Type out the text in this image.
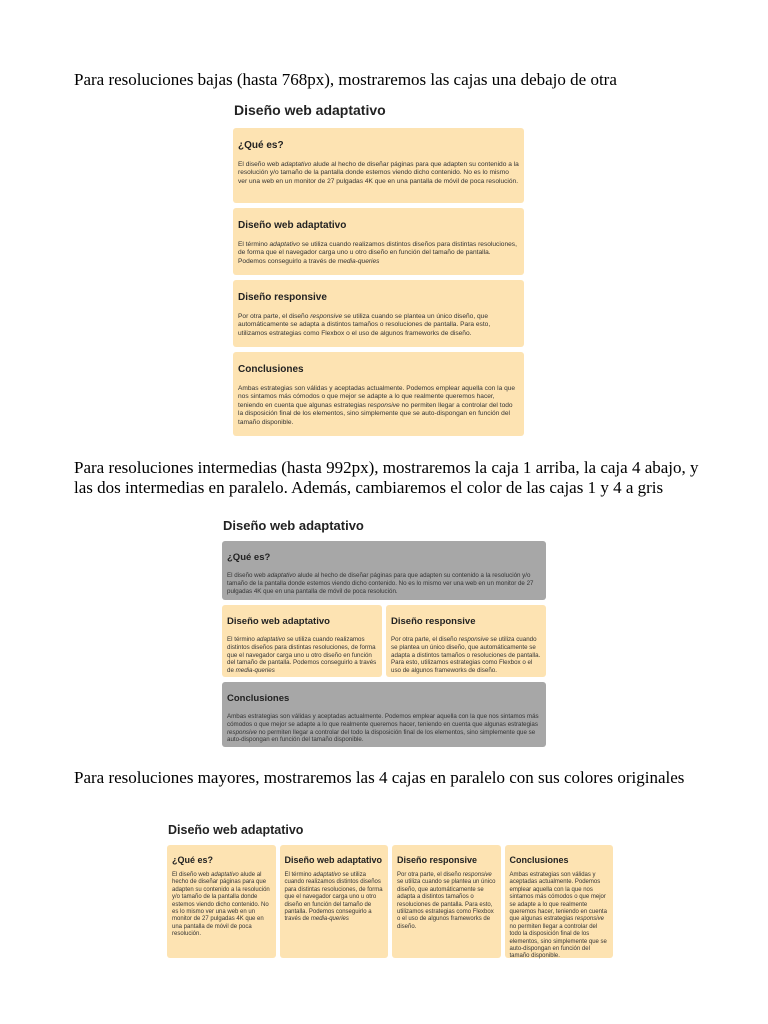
Para resoluciones bajas (hasta 768px), mostraremos las cajas una debajo de otra

Diseño web adaptativo

¿Qué es?

El diseño web adaptativo alude al hecho de diseñar páginas para que adapten su contenido a la resolución y/o tamaño de la pantalla donde estemos viendo dicho contenido. No es lo mismo ver una web en un monitor de 27 pulgadas 4K que en una pantalla de móvil de poca resolución.

Diseño web adaptativo

El término adaptativo se utiliza cuando realizamos distintos diseños para distintas resoluciones, de forma que el navegador carga uno u otro diseño en función del tamaño de pantalla. Podemos conseguirlo a través de media-queries

Diseño responsive

Por otra parte, el diseño responsive se utiliza cuando se plantea un único diseño, que automáticamente se adapta a distintos tamaños o resoluciones de pantalla. Para esto, utilizamos estrategias como Flexbox o el uso de algunos frameworks de diseño.

Conclusiones

Ambas estrategias son válidas y aceptadas actualmente. Podemos emplear aquella con la que nos sintamos más cómodos o que mejor se adapte a lo que realmente queremos hacer, teniendo en cuenta que algunas estrategias responsive no permiten llegar a controlar del todo la disposición final de los elementos, sino simplemente que se auto-dispongan en función del tamaño disponible.

Para resoluciones intermedias (hasta 992px), mostraremos la caja 1 arriba, la caja 4 abajo, y las dos intermedias en paralelo. Además, cambiaremos el color de las cajas 1 y 4 a gris

Diseño web adaptativo

¿Qué es?

El diseño web adaptativo alude al hecho de diseñar páginas para que adapten su contenido a la resolución y/o tamaño de la pantalla donde estemos viendo dicho contenido. No es lo mismo ver una web en un monitor de 27 pulgadas 4K que en una pantalla de móvil de poca resolución.

Diseño web adaptativo

El término adaptativo se utiliza cuando realizamos distintos diseños para distintas resoluciones, de forma que el navegador carga uno u otro diseño en función del tamaño de pantalla. Podemos conseguirlo a través de media-queries

Diseño responsive

Por otra parte, el diseño responsive se utiliza cuando se plantea un único diseño, que automáticamente se adapta a distintos tamaños o resoluciones de pantalla. Para esto, utilizamos estrategias como Flexbox o el uso de algunos frameworks de diseño.

Conclusiones

Ambas estrategias son válidas y aceptadas actualmente. Podemos emplear aquella con la que nos sintamos más cómodos o que mejor se adapte a lo que realmente queremos hacer, teniendo en cuenta que algunas estrategias responsive no permiten llegar a controlar del todo la disposición final de los elementos, sino simplemente que se auto-dispongan en función del tamaño disponible.

Para resoluciones mayores, mostraremos las 4 cajas en paralelo con sus colores originales

Diseño web adaptativo

¿Qué es?

El diseño web adaptativo alude al hecho de diseñar páginas para que adapten su contenido a la resolución y/o tamaño de la pantalla donde estemos viendo dicho contenido. No es lo mismo ver una web en un monitor de 27 pulgadas 4K que en una pantalla de móvil de poca resolución.

Diseño web adaptativo

El término adaptativo se utiliza cuando realizamos distintos diseños para distintas resoluciones, de forma que el navegador carga uno u otro diseño en función del tamaño de pantalla. Podemos conseguirlo a través de media-queries

Diseño responsive

Por otra parte, el diseño responsive se utiliza cuando se plantea un único diseño, que automáticamente se adapta a distintos tamaños o resoluciones de pantalla. Para esto, utilizamos estrategias como Flexbox o el uso de algunos frameworks de diseño.

Conclusiones

Ambas estrategias son válidas y aceptadas actualmente. Podemos emplear aquella con la que nos sintamos más cómodos o que mejor se adapte a lo que realmente queremos hacer, teniendo en cuenta que algunas estrategias responsive no permiten llegar a controlar del todo la disposición final de los elementos, sino simplemente que se auto-dispongan en función del tamaño disponible.
